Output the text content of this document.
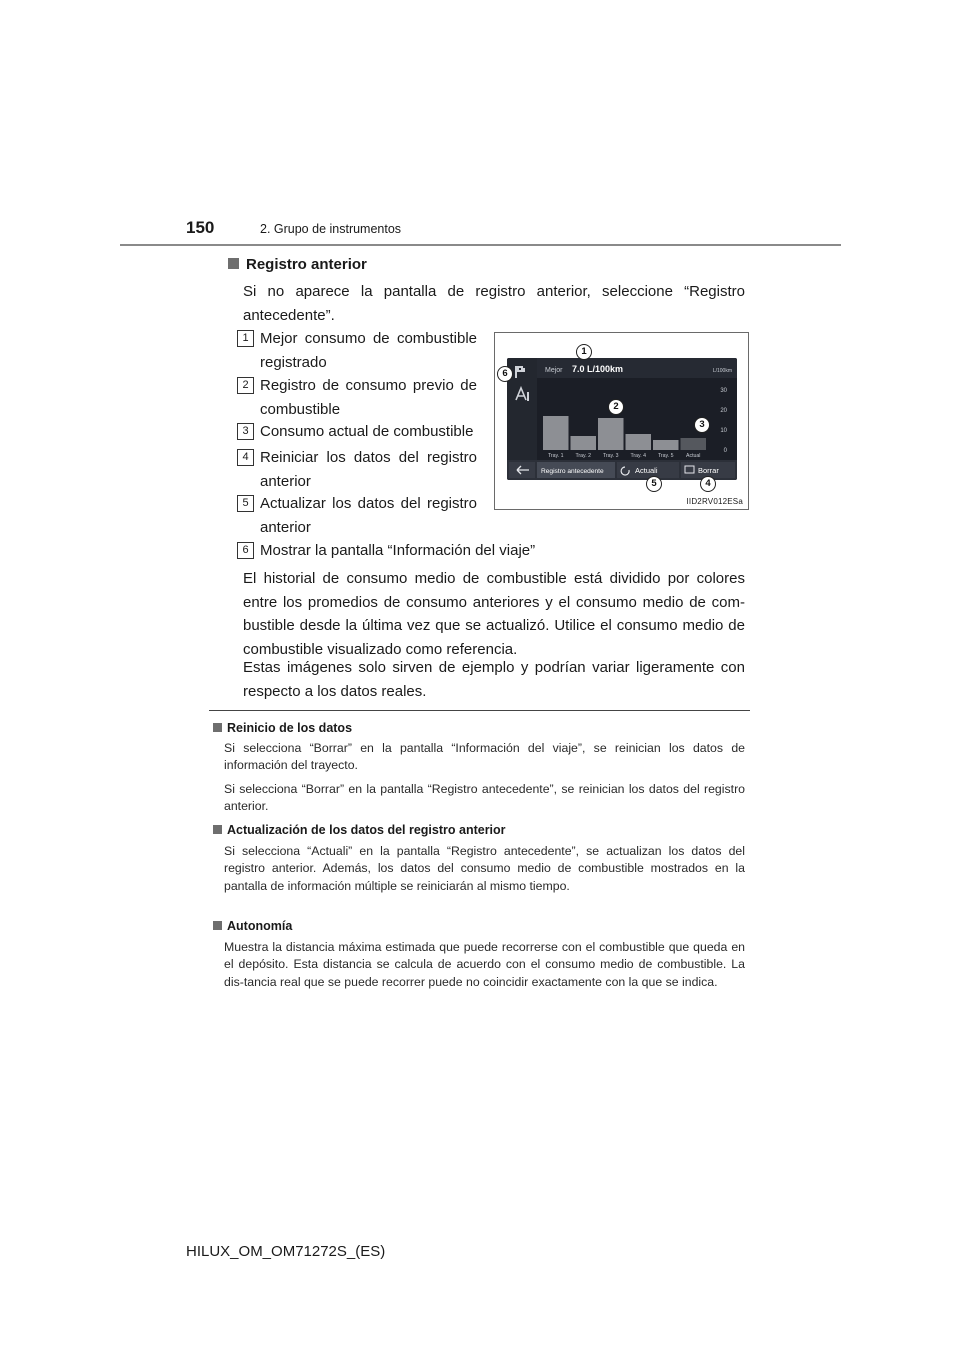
150	2. Grupo de instrumentos
Registro anterior
Si no aparece la pantalla de registro anterior, seleccione “Registro antecedente”.
1 Mejor consumo de combustible registrado
2 Registro de consumo previo de combustible
3 Consumo actual de combustible
4 Reiniciar los datos del registro anterior
5 Actualizar los datos del registro anterior
6 Mostrar la pantalla “Información del viaje”
Mejor 7.0 L/100km	L/100km
30
20
10
0
Tray. 1 Tray. 2 Tray. 3 Tray. 4 Tray. 5 Actual
Registro antecedente	Actuali	Borrar
1
2
3
4
5
6
IID2RV012ESa
El historial de consumo medio de combustible está dividido por colores entre los promedios de consumo anteriores y el consumo medio de com-bustible desde la última vez que se actualizó. Utilice el consumo medio de combustible visualizado como referencia.
Estas imágenes solo sirven de ejemplo y podrían variar ligeramente con respecto a los datos reales.
Reinicio de los datos
Si selecciona “Borrar” en la pantalla “Información del viaje”, se reinician los datos de información del trayecto.
Si selecciona “Borrar” en la pantalla “Registro antecedente”, se reinician los datos del registro anterior.
Actualización de los datos del registro anterior
Si selecciona “Actuali” en la pantalla “Registro antecedente”, se actualizan los datos del registro anterior. Además, los datos del consumo medio de combustible mostrados en la pantalla de información múltiple se reiniciarán al mismo tiempo.
Autonomía
Muestra la distancia máxima estimada que puede recorrerse con el combustible que queda en el depósito. Esta distancia se calcula de acuerdo con el consumo medio de combustible. La dis-tancia real que se puede recorrer puede no coincidir exactamente con la que se indica.
HILUX_OM_OM71272S_(ES)
